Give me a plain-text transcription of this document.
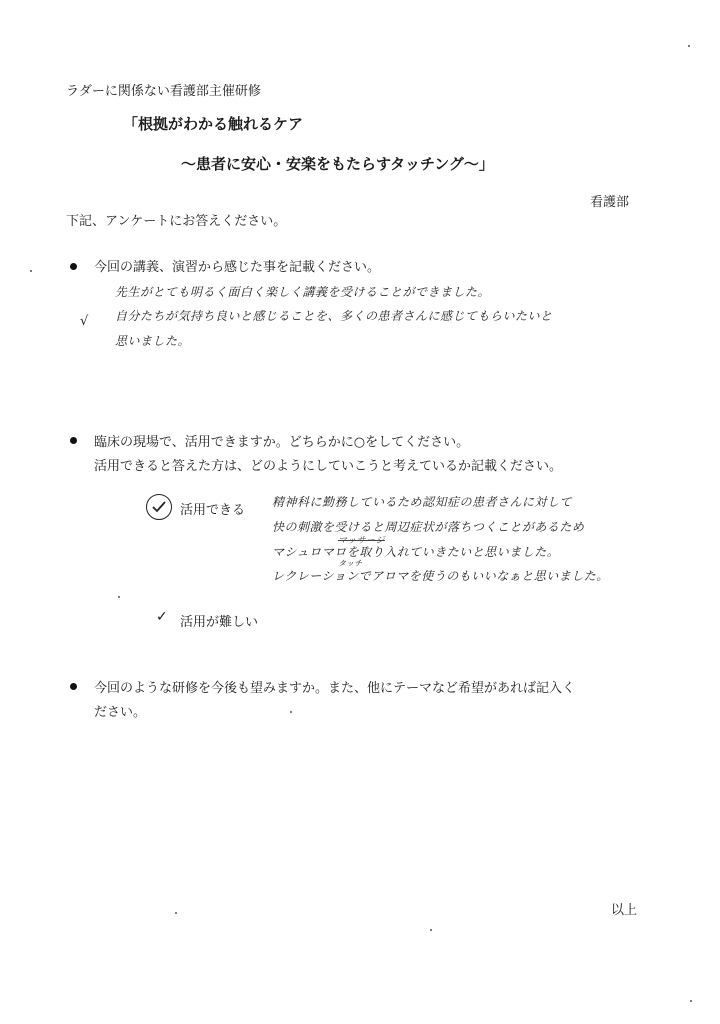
ラダーに関係ない看護部主催研修
「根拠がわかる触れるケア
～患者に安心・安楽をもたらすタッチング～」
看護部
下記、アンケートにお答えください。
今回の講義、演習から感じた事を記載ください。
先生がとても明るく面白く楽しく講義を受けることができました。
自分たちが気持ち良いと感じることを、多くの患者さんに感じてもらいたいと
思いました。
√
臨床の現場で、活用できますか。どちらかに○をしてください。
活用できると答えた方は、どのようにしていこうと考えているか記載ください。
活用できる
精神科に勤務しているため認知症の患者さんに対して
快の刺激を受けると周辺症状が落ちつくことがあるため
マッサージ
マシュロマロを取り入れていきたいと思いました。
タッチ
レクレーションでアロマを使うのもいいなぁと思いました。
✓ 活用が難しい
今回のような研修を今後も望みますか。また、他にテーマなど希望があれば記入く
ださい。
以上
